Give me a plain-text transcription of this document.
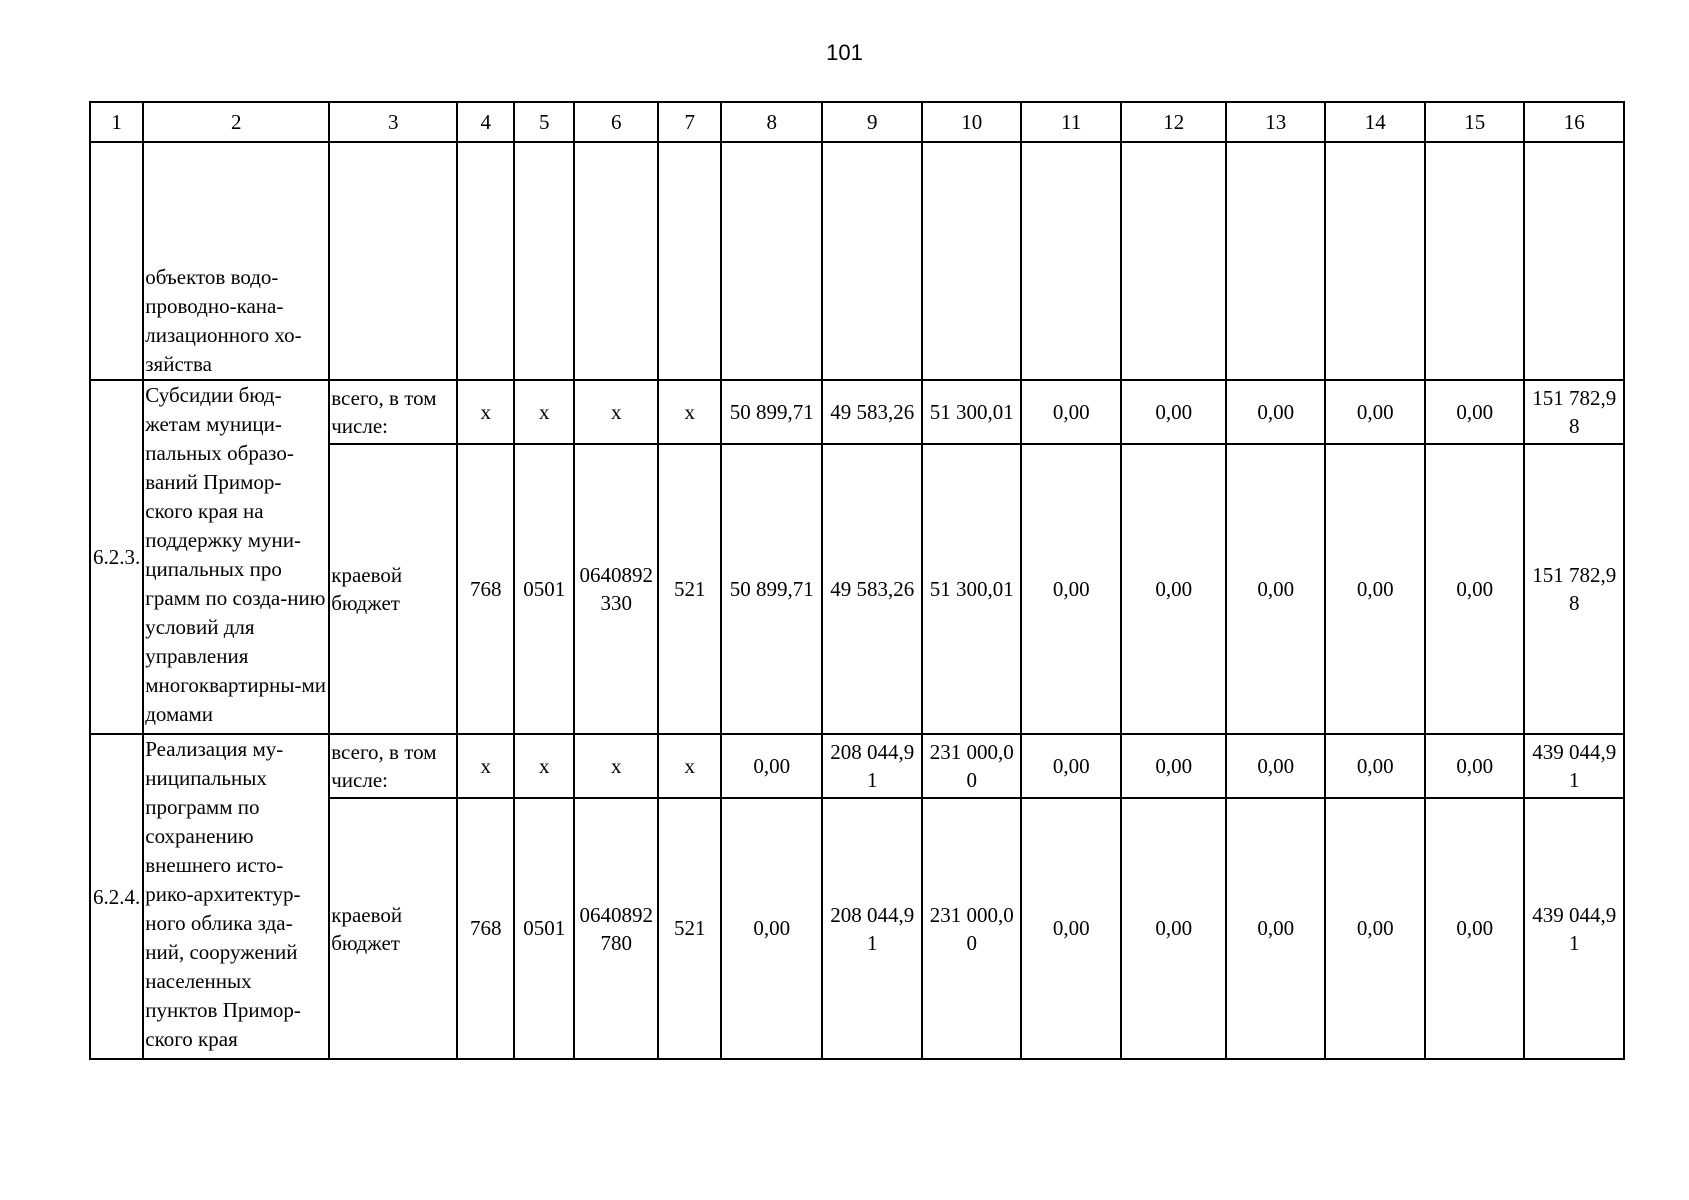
101
1	2	3	4	5	6	7	8	9	10	11	12	13	14	15	16
	объектов водо-проводно-кана-лизационного хо-зяйства														
6.2.3.	Субсидии бюд-жетам муници-пальных образо-ваний Примор-ского края на поддержку муни-ципальных про грамм по созда-нию условий для управления многоквартирны-ми домами	всего, в том числе:	x	x	x	x	50 899,71	49 583,26	51 300,01	0,00	0,00	0,00	0,00	0,00	151 782,98
		краевой бюджет	768	0501	0640892330	521	50 899,71	49 583,26	51 300,01	0,00	0,00	0,00	0,00	0,00	151 782,98
6.2.4.	Реализация му-ниципальных программ по сохранению внешнего исто-рико-архитектур-ного облика зда-ний, сооружений населенных пунктов Примор-ского края	всего, в том числе:	x	x	x	x	0,00	208 044,91	231 000,00	0,00	0,00	0,00	0,00	0,00	439 044,91
		краевой бюджет	768	0501	0640892780	521	0,00	208 044,91	231 000,00	0,00	0,00	0,00	0,00	0,00	439 044,91
